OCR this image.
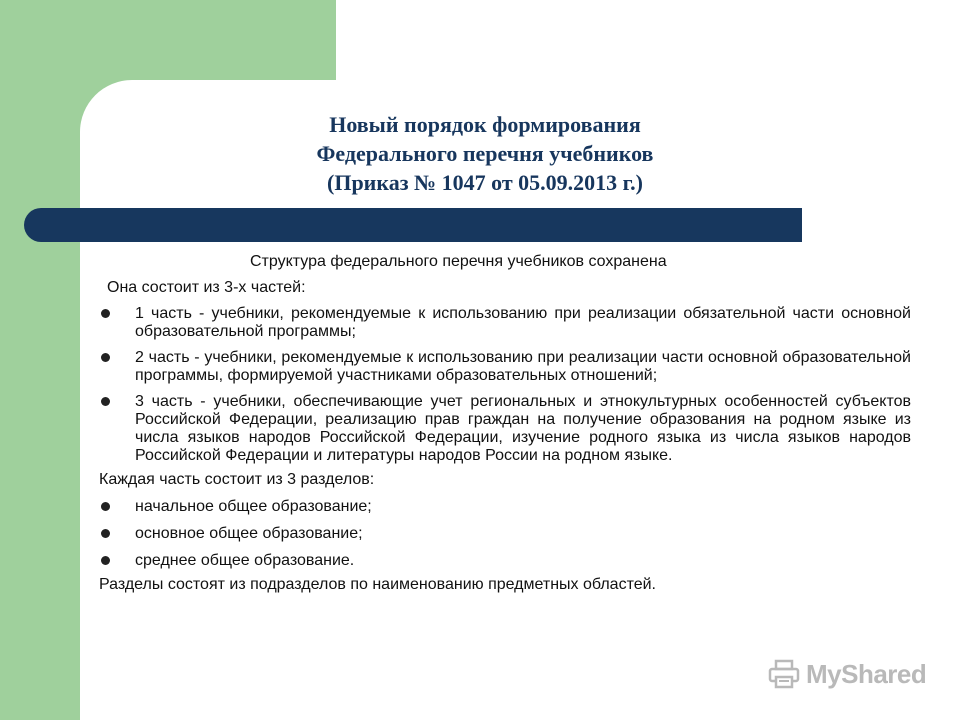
Новый порядок формирования
Федерального перечня учебников
(Приказ № 1047 от 05.09.2013 г.)
Структура федерального перечня учебников сохранена

Она состоит из 3-х частей:

1 часть - учебники, рекомендуемые к использованию при реализации обязательной части основной образовательной программы;
2 часть - учебники, рекомендуемые к использованию при реализации части основной образовательной программы, формируемой участниками образовательных отношений;
3 часть - учебники, обеспечивающие учет региональных и этнокультурных особенностей субъектов Российской Федерации, реализацию прав граждан на получение образования на родном языке из числа языков народов Российской Федерации, изучение родного языка из числа языков народов Российской Федерации и литературы народов России на родном языке.

Каждая часть состоит из 3 разделов:

начальное общее образование;
основное общее образование;
среднее общее образование.

Разделы состоят из подразделов по наименованию предметных областей.

MyShared
